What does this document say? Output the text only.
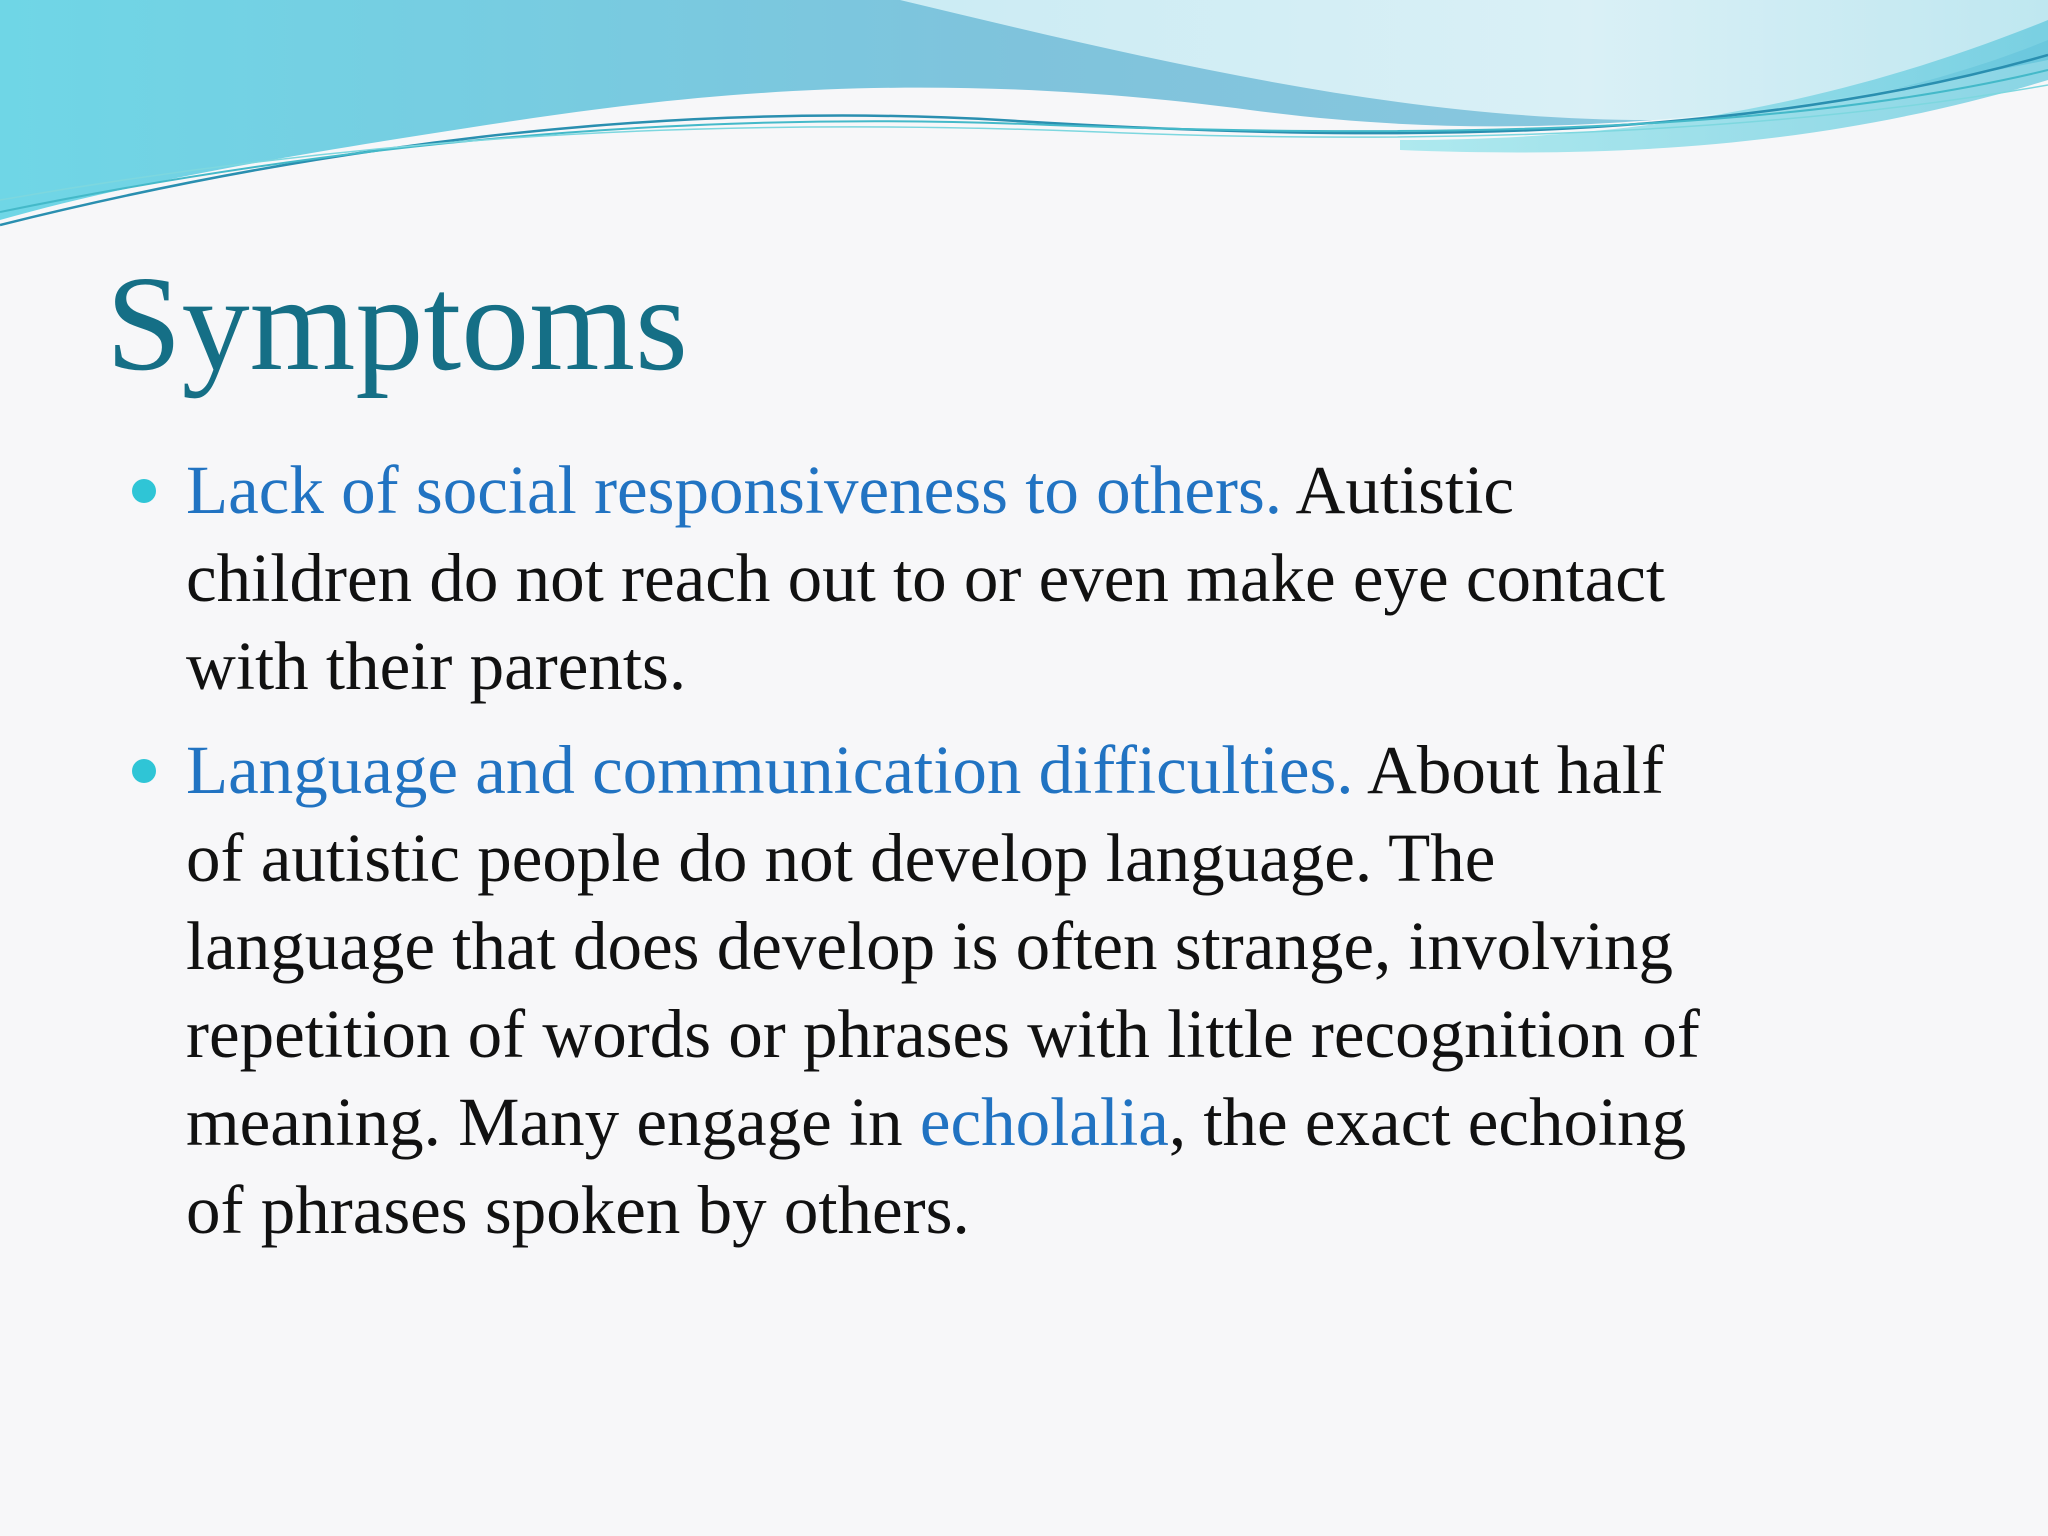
Symptoms
Lack of social responsiveness to others. Autistic
children do not reach out to or even make eye contact
with their parents.
Language and communication difficulties. About half
of autistic people do not develop language. The
language that does develop is often strange, involving
repetition of words or phrases with little recognition of
meaning. Many engage in echolalia, the exact echoing
of phrases spoken by others.
